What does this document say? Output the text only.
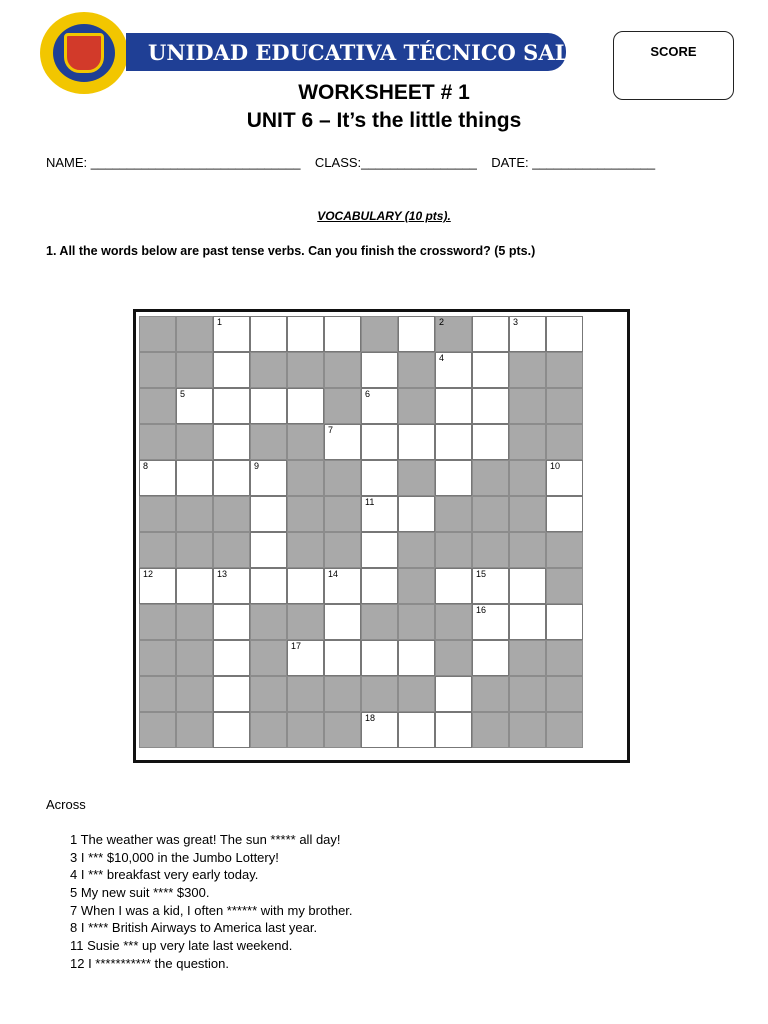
UNIDAD EDUCATIVA TÉCNICO SALESIANO
SCORE
WORKSHEET # 1
UNIT 6 – It’s the little things
NAME: _____________________________ CLASS:________________ DATE: _________________
VOCABULARY (10 pts).
1. All the words below are past tense verbs. Can you finish the crossword? (5 pts.)
1	2	3
4
5	6
7
8	9	10
11
12	13	14	15
16
17
18
Across
1 The weather was great! The sun ***** all day!
3 I *** $10,000 in the Jumbo Lottery!
4 I *** breakfast very early today.
5 My new suit **** $300.
7 When I was a kid, I often ****** with my brother.
8 I **** British Airways to America last year.
11 Susie *** up very late last weekend.
12 I *********** the question.
